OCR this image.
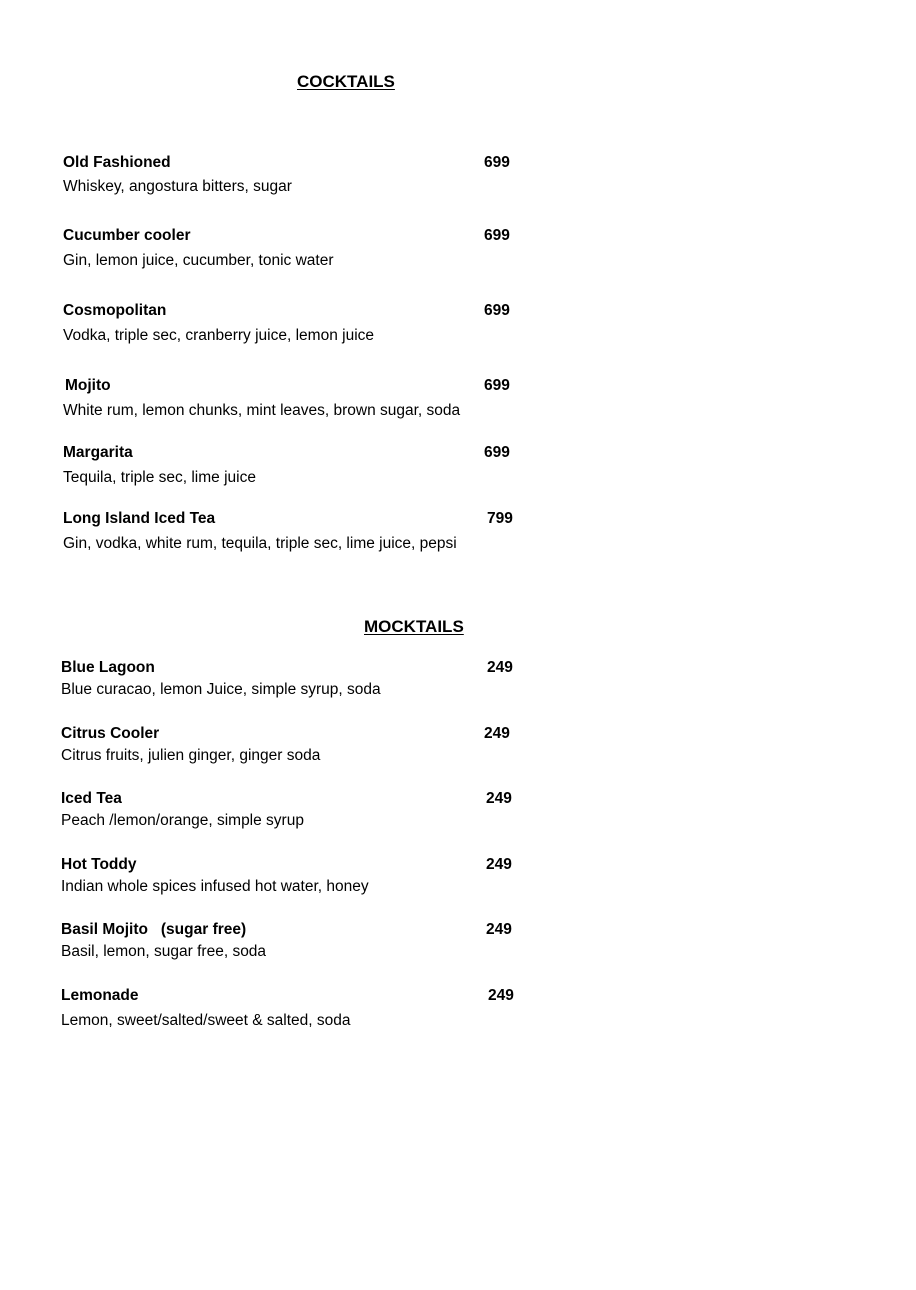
COCKTAILS
Old Fashioned	699
Whiskey, angostura bitters, sugar
Cucumber cooler	699
Gin, lemon juice, cucumber, tonic water
Cosmopolitan	699
Vodka, triple sec, cranberry juice, lemon juice
Mojito	699
White rum, lemon chunks, mint leaves, brown sugar, soda
Margarita	699
Tequila, triple sec, lime juice
Long Island Iced Tea	799
Gin, vodka, white rum, tequila, triple sec, lime juice, pepsi
MOCKTAILS
Blue Lagoon	249
Blue curacao, lemon Juice, simple syrup, soda
Citrus Cooler	249
Citrus fruits, julien ginger, ginger soda
Iced Tea	249
Peach /lemon/orange, simple syrup
Hot Toddy	249
Indian whole spices infused hot water, honey
Basil Mojito   (sugar free)	249
Basil, lemon, sugar free, soda
Lemonade	249
Lemon, sweet/salted/sweet & salted, soda
